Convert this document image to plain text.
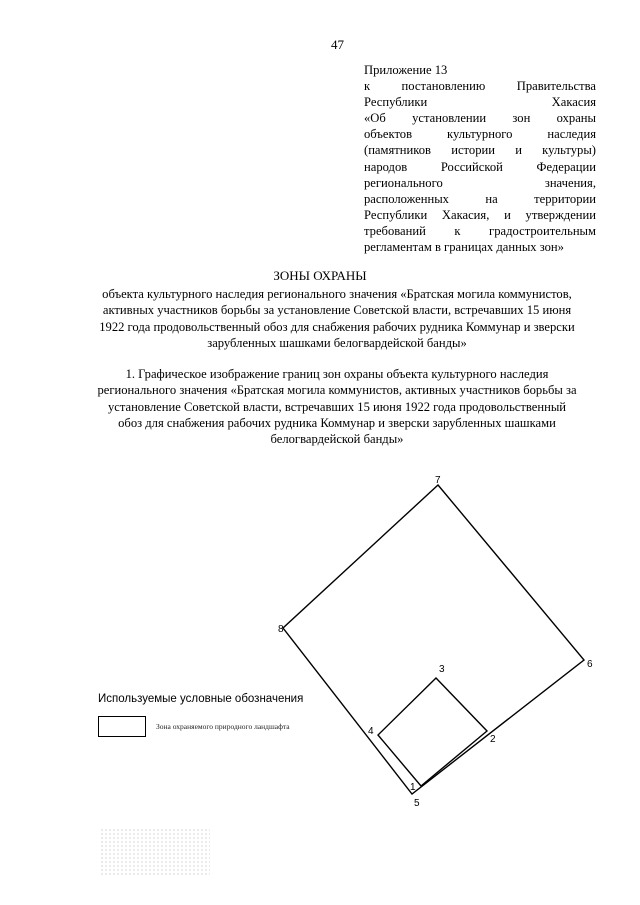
47
Приложение 13
к постановлению Правительства
Республики Хакасия
«Об установлении зон охраны
объектов культурного наследия
(памятников истории и культуры)
народов Российской Федерации
регионального значения,
расположенных на территории
Республики Хакасия, и утверждении
требований к градостроительным
регламентам в границах данных зон»
ЗОНЫ ОХРАНЫ
объекта культурного наследия регионального значения «Братская могила коммунистов, активных участников борьбы за установление Советской власти, встречавших 15 июня 1922 года продовольственный обоз для снабжения рабочих рудника Коммунар и зверски зарубленных шашками белогвардейской банды»
1. Графическое изображение границ зон охраны объекта культурного наследия регионального значения «Братская могила коммунистов, активных участников борьбы за установление Советской власти, встречавших 15 июня 1922 года продовольственный обоз для снабжения рабочих рудника Коммунар и зверски зарубленных шашками белогвардейской банды»
1
2
3
4
5
6
7
8
Используемые условные обозначения
Зона охраняемого природного ландшафта
